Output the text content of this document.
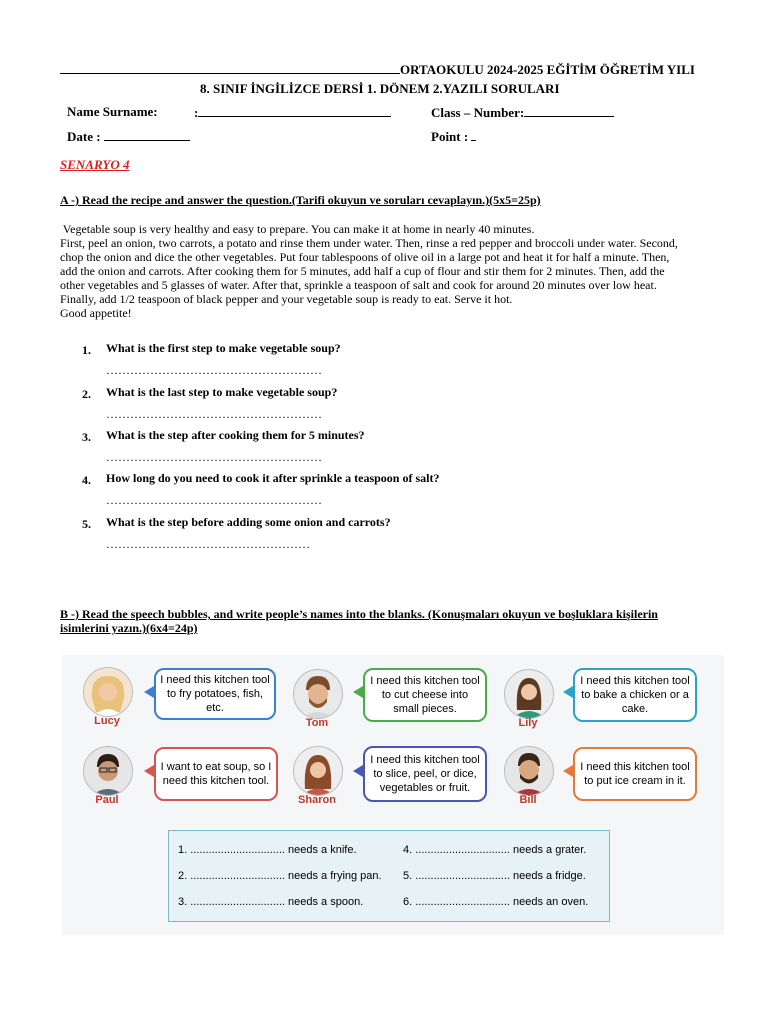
ORTAOKULU 2024-2025 EĞİTİM ÖĞRETİM YILI
8. SINIF İNGİLİZCE DERSİ 1. DÖNEM 2.YAZILI SORULARI
Name Surname:	:	Class – Number:
Date :	Point :
SENARYO 4
A -) Read the recipe and answer the question.(Tarifi okuyun ve soruları cevaplayın.)(5x5=25p)
Vegetable soup is very healthy and easy to prepare. You can make it at home in nearly 40 minutes.
First, peel an onion, two carrots, a potato and rinse them under water. Then, rinse a red pepper and broccoli under water. Second,
chop the onion and dice the other vegetables. Put four tablespoons of olive oil in a large pot and heat it for half a minute. Then,
add the onion and carrots. After cooking them for 5 minutes, add half a cup of flour and stir them for 2 minutes. Then, add the
other vegetables and 5 glasses of water. After that, sprinkle a teaspoon of salt and cook for around 20 minutes over low heat.
Finally, add 1/2 teaspoon of black pepper and your vegetable soup is ready to eat. Serve it hot.
Good appetite!
1. What is the first step to make vegetable soup?
………………………………………………
2. What is the last step to make vegetable soup?
………………………………………………
3. What is the step after cooking them for 5 minutes?
………………………………………………
4. How long do you need to cook it after sprinkle a teaspoon of salt?
………………………………………………
5. What is the step before adding some onion and carrots?
……………………………………………
B -) Read the speech bubbles, and write people’s names into the blanks. (Konuşmaları okuyun ve boşluklara kişilerin
isimlerini yazın.)(6x4=24p)
Lucy
I need this kitchen tool to fry potatoes, fish, etc.
Tom
I need this kitchen tool to cut cheese into small pieces.
Lily
I need this kitchen tool to bake a chicken or a cake.
Paul
I want to eat soup, so I need this kitchen tool.
Sharon
I need this kitchen tool to slice, peel, or dice, vegetables or fruit.
Bill
I need this kitchen tool to put ice cream in it.
1. ............................... needs a knife.
2. ............................... needs a frying pan.
3. ............................... needs a spoon.
4. ............................... needs a grater.
5. ............................... needs a fridge.
6. ............................... needs an oven.
